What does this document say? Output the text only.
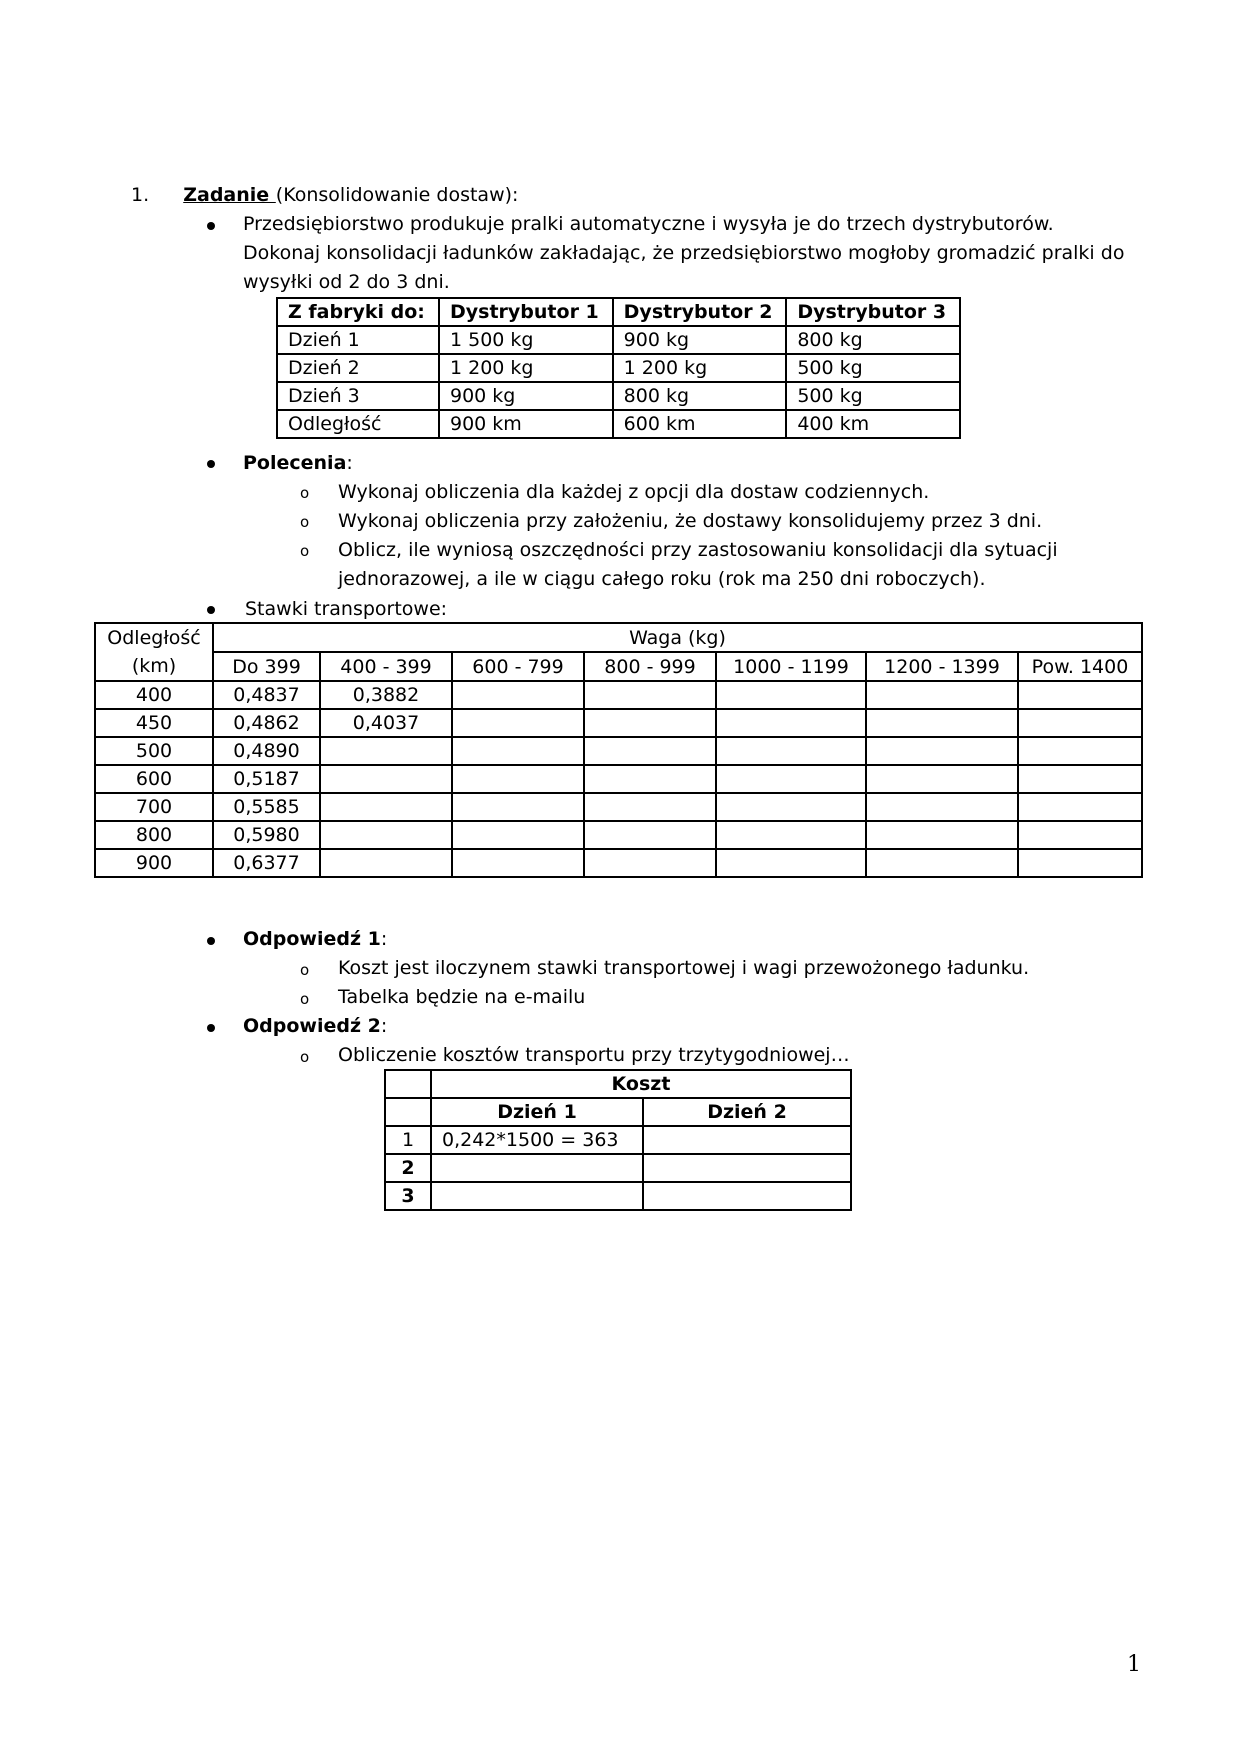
1. Zadanie (Konsolidowanie dostaw):
Przedsiębiorstwo produkuje pralki automatyczne i wysyła je do trzech dystrybutorów.
Dokonaj konsolidacji ładunków zakładając, że przedsiębiorstwo mogłoby gromadzić pralki do
wysyłki od 2 do 3 dni.
Z fabryki do:	Dystrybutor 1	Dystrybutor 2	Dystrybutor 3
Dzień 1	1 500 kg	900 kg	800 kg
Dzień 2	1 200 kg	1 200 kg	500 kg
Dzień 3	900 kg	800 kg	500 kg
Odległość	900 km	600 km	400 km
Polecenia:
o Wykonaj obliczenia dla każdej z opcji dla dostaw codziennych.
o Wykonaj obliczenia przy założeniu, że dostawy konsolidujemy przez 3 dni.
o Oblicz, ile wyniosą oszczędności przy zastosowaniu konsolidacji dla sytuacji
jednorazowej, a ile w ciągu całego roku (rok ma 250 dni roboczych).
Stawki transportowe:
Odległość
(km)	Waga (kg)						
	Do 399	400 - 399	600 - 799	800 - 999	1000 - 1199	1200 - 1399	Pow. 1400
400	0,4837	0,3882					
450	0,4862	0,4037					
500	0,4890						
600	0,5187						
700	0,5585						
800	0,5980						
900	0,6377						
Odpowiedź 1:
o Koszt jest iloczynem stawki transportowej i wagi przewożonego ładunku.
o Tabelka będzie na e-mailu
Odpowiedź 2:
o Obliczenie kosztów transportu przy trzytygodniowej…
	Koszt	
	Dzień 1	Dzień 2
1	0,242*1500 = 363	
2		
3		
1
